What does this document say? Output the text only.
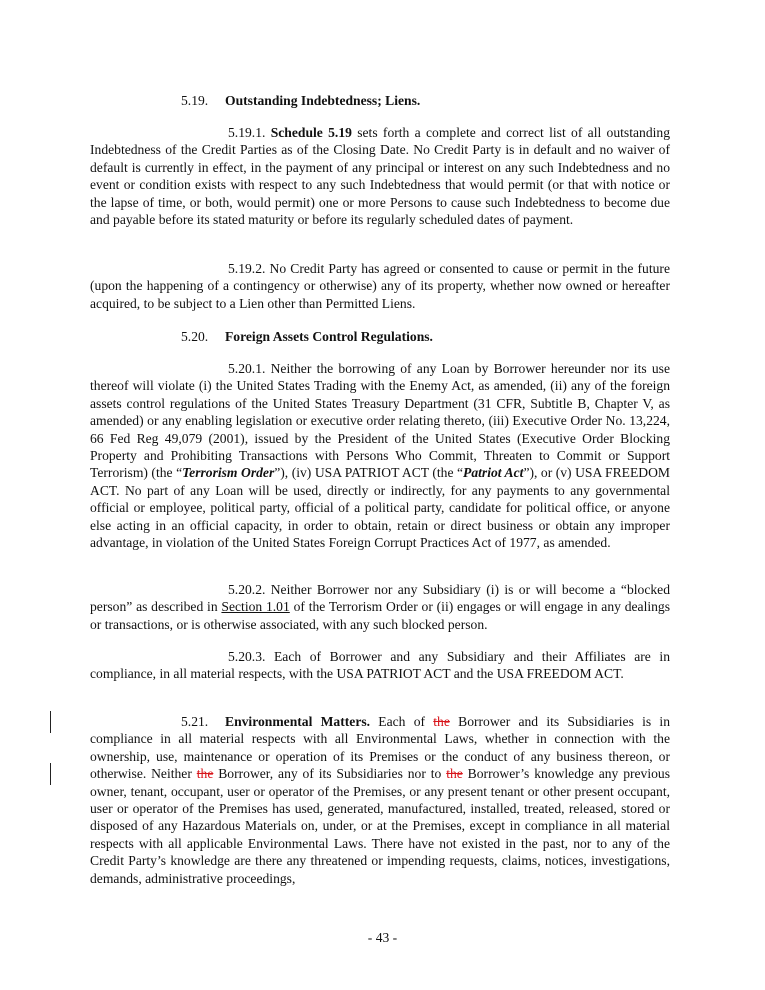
5.19. Outstanding Indebtedness; Liens.
5.19.1. Schedule 5.19 sets forth a complete and correct list of all outstanding Indebtedness of the Credit Parties as of the Closing Date. No Credit Party is in default and no waiver of default is currently in effect, in the payment of any principal or interest on any such Indebtedness and no event or condition exists with respect to any such Indebtedness that would permit (or that with notice or the lapse of time, or both, would permit) one or more Persons to cause such Indebtedness to become due and payable before its stated maturity or before its regularly scheduled dates of payment.
5.19.2. No Credit Party has agreed or consented to cause or permit in the future (upon the happening of a contingency or otherwise) any of its property, whether now owned or hereafter acquired, to be subject to a Lien other than Permitted Liens.
5.20. Foreign Assets Control Regulations.
5.20.1. Neither the borrowing of any Loan by Borrower hereunder nor its use thereof will violate (i) the United States Trading with the Enemy Act, as amended, (ii) any of the foreign assets control regulations of the United States Treasury Department (31 CFR, Subtitle B, Chapter V, as amended) or any enabling legislation or executive order relating thereto, (iii) Executive Order No. 13,224, 66 Fed Reg 49,079 (2001), issued by the President of the United States (Executive Order Blocking Property and Prohibiting Transactions with Persons Who Commit, Threaten to Commit or Support Terrorism) (the “Terrorism Order”), (iv) USA PATRIOT ACT (the “Patriot Act”), or (v) USA FREEDOM ACT. No part of any Loan will be used, directly or indirectly, for any payments to any governmental official or employee, political party, official of a political party, candidate for political office, or anyone else acting in an official capacity, in order to obtain, retain or direct business or obtain any improper advantage, in violation of the United States Foreign Corrupt Practices Act of 1977, as amended.
5.20.2. Neither Borrower nor any Subsidiary (i) is or will become a “blocked person” as described in Section 1.01 of the Terrorism Order or (ii) engages or will engage in any dealings or transactions, or is otherwise associated, with any such blocked person.
5.20.3. Each of Borrower and any Subsidiary and their Affiliates are in compliance, in all material respects, with the USA PATRIOT ACT and the USA FREEDOM ACT.
5.21. Environmental Matters. Each of the Borrower and its Subsidiaries is in compliance in all material respects with all Environmental Laws, whether in connection with the ownership, use, maintenance or operation of its Premises or the conduct of any business thereon, or otherwise. Neither the Borrower, any of its Subsidiaries nor to the Borrower’s knowledge any previous owner, tenant, occupant, user or operator of the Premises, or any present tenant or other present occupant, user or operator of the Premises has used, generated, manufactured, installed, treated, released, stored or disposed of any Hazardous Materials on, under, or at the Premises, except in compliance in all material respects with all applicable Environmental Laws. There have not existed in the past, nor to any of the Credit Party’s knowledge are there any threatened or impending requests, claims, notices, investigations, demands, administrative proceedings,
- 43 -
